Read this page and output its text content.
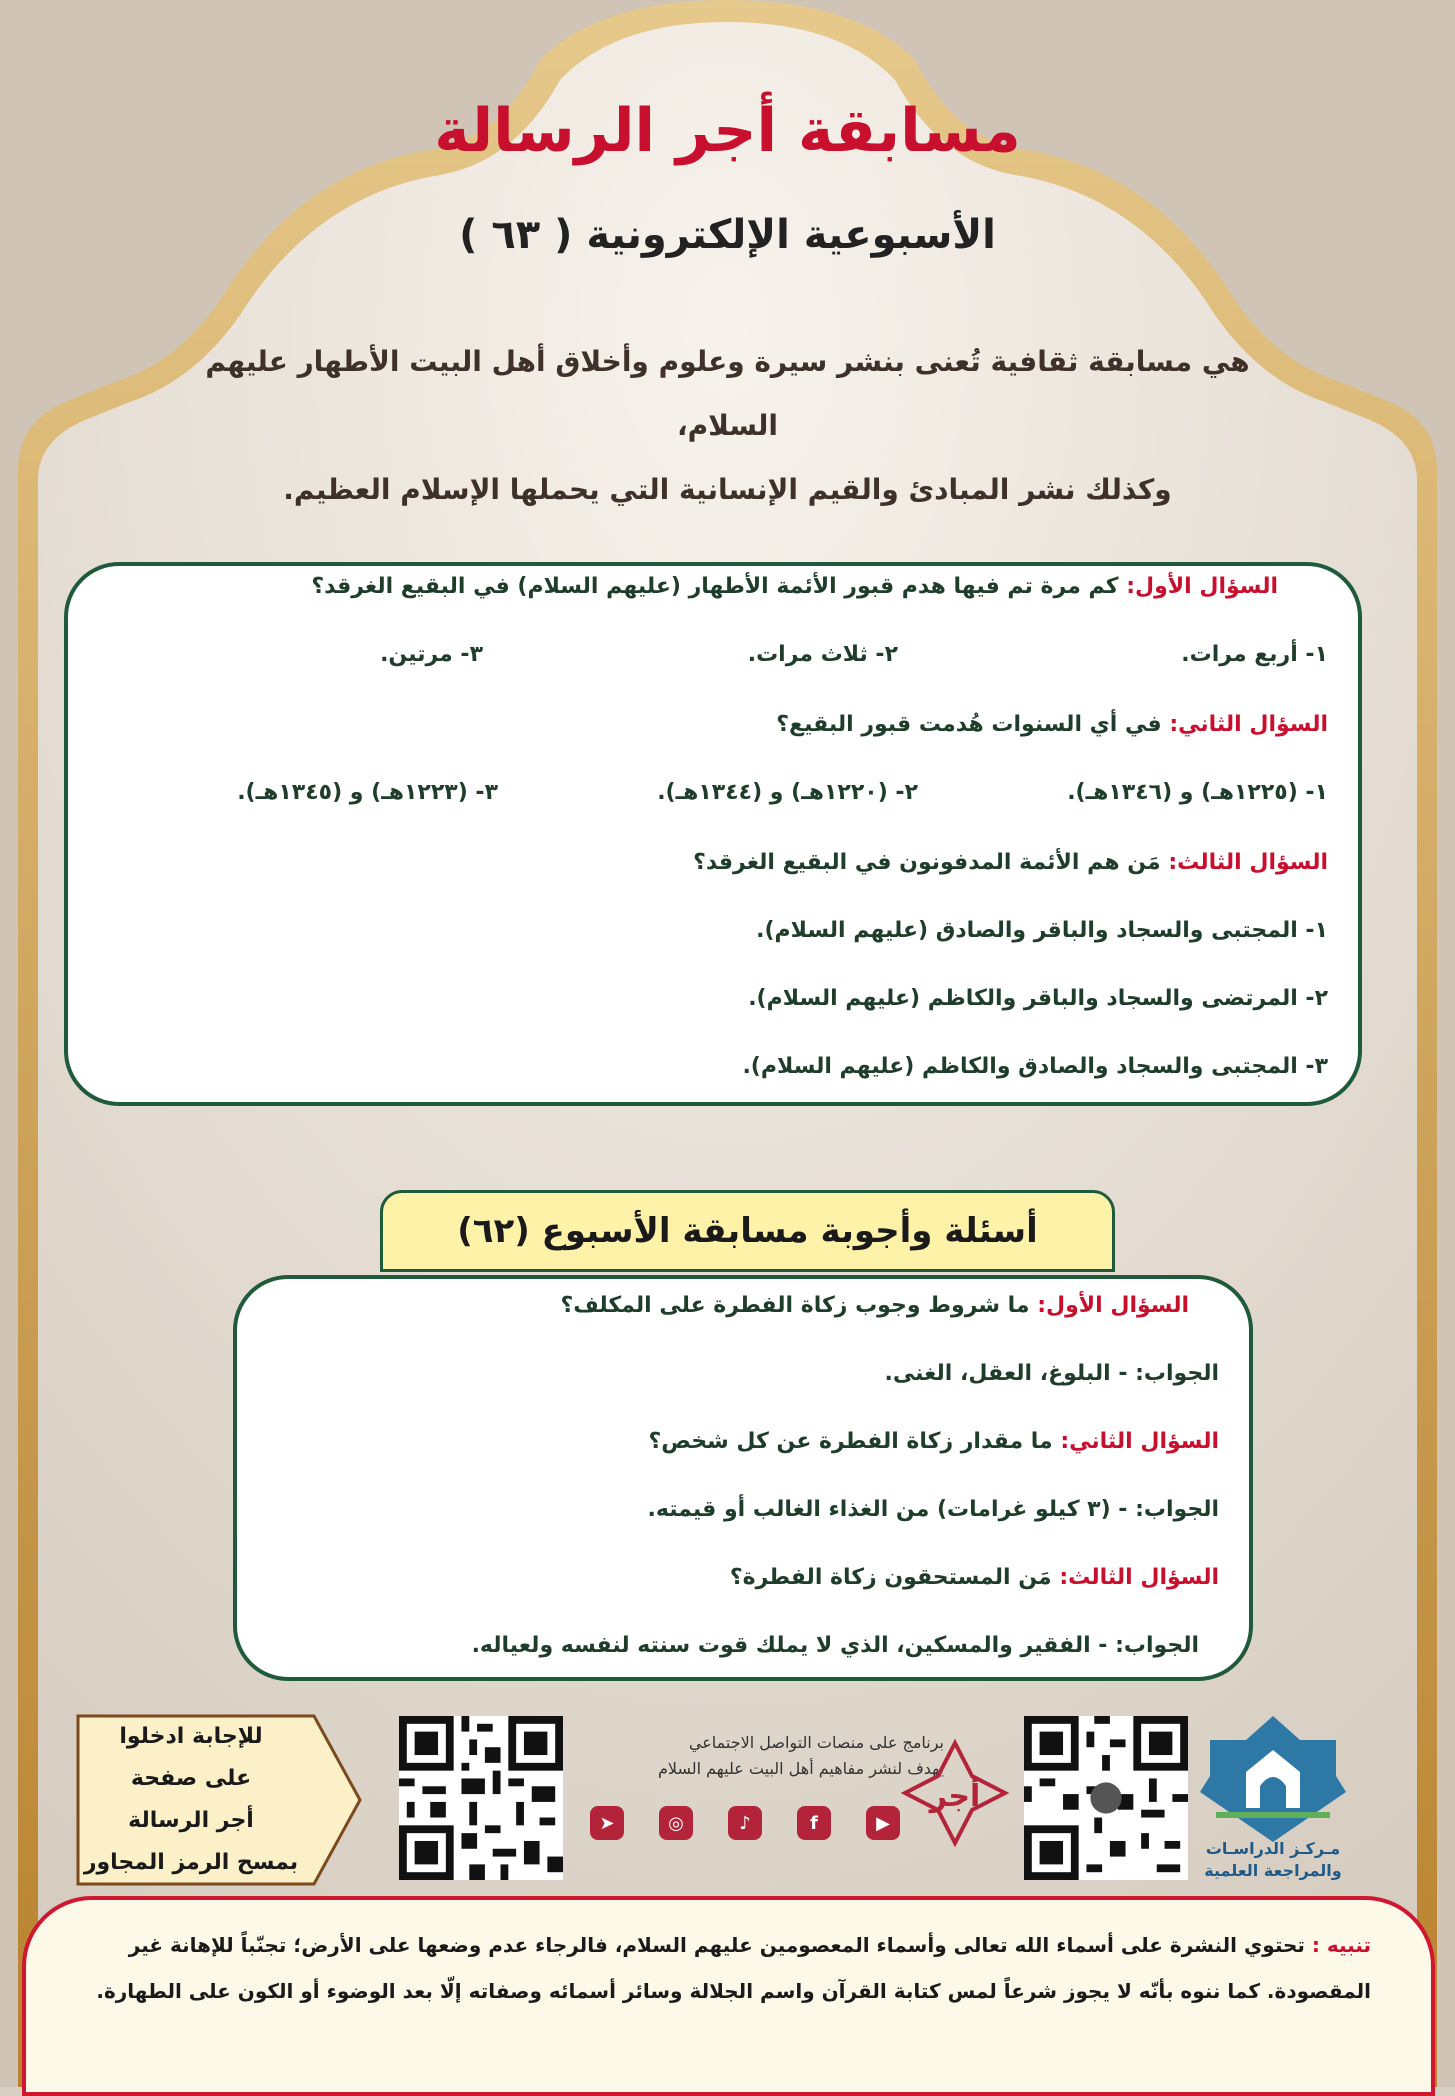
مسابقة أجر الرسالة
الأسبوعية الإلكترونية ( ٦٣ )
هي مسابقة ثقافية تُعنى بنشر سيرة وعلوم وأخلاق أهل البيت الأطهار عليهم السلام،
وكذلك نشر المبادئ والقيم الإنسانية التي يحملها الإسلام العظيم.
السؤال الأول: كم مرة تم فيها هدم قبور الأئمة الأطهار (عليهم السلام) في البقيع الغرقد؟
١- أربع مرات.
٢- ثلاث مرات.
٣- مرتين.
السؤال الثاني: في أي السنوات هُدمت قبور البقيع؟
١- (١٢٢٥هـ) و (١٣٤٦هـ).
٢- (١٢٢٠هـ) و (١٣٤٤هـ).
٣- (١٢٢٣هـ) و (١٣٤٥هـ).
السؤال الثالث: مَن هم الأئمة المدفونون في البقيع الغرقد؟
١- المجتبى والسجاد والباقر والصادق (عليهم السلام).
٢- المرتضى والسجاد والباقر والكاظم (عليهم السلام).
٣- المجتبى والسجاد والصادق والكاظم (عليهم السلام).
أسئلة وأجوبة مسابقة الأسبوع (٦٢)
السؤال الأول: ما شروط وجوب زكاة الفطرة على المكلف؟
الجواب: - البلوغ، العقل، الغنى.
السؤال الثاني: ما مقدار زكاة الفطرة عن كل شخص؟
الجواب: - (٣ كيلو غرامات) من الغذاء الغالب أو قيمته.
السؤال الثالث: مَن المستحقون زكاة الفطرة؟
الجواب: - الفقير والمسكين، الذي لا يملك قوت سنته لنفسه ولعياله.
للإجابة ادخلوا
على صفحة
أجر الرسالة
بمسح الرمز المجاور
برنامج على منصات التواصل الاجتماعي
يهدف لنشر مفاهيم أهل البيت عليهم السلام
➤	◎	♪	f	▶
أجر
مـركـز الدراسـات
والمراجعة العلمية
تنبيه : تحتوي النشرة على أسماء الله تعالى وأسماء المعصومين عليهم السلام، فالرجاء عدم وضعها على الأرض؛ تجنّباً للإهانة غير المقصودة. كما ننوه بأنّه لا يجوز شرعاً لمس كتابة القرآن واسم الجلالة وسائر أسمائه وصفاته إلّا بعد الوضوء أو الكون على الطهارة.
